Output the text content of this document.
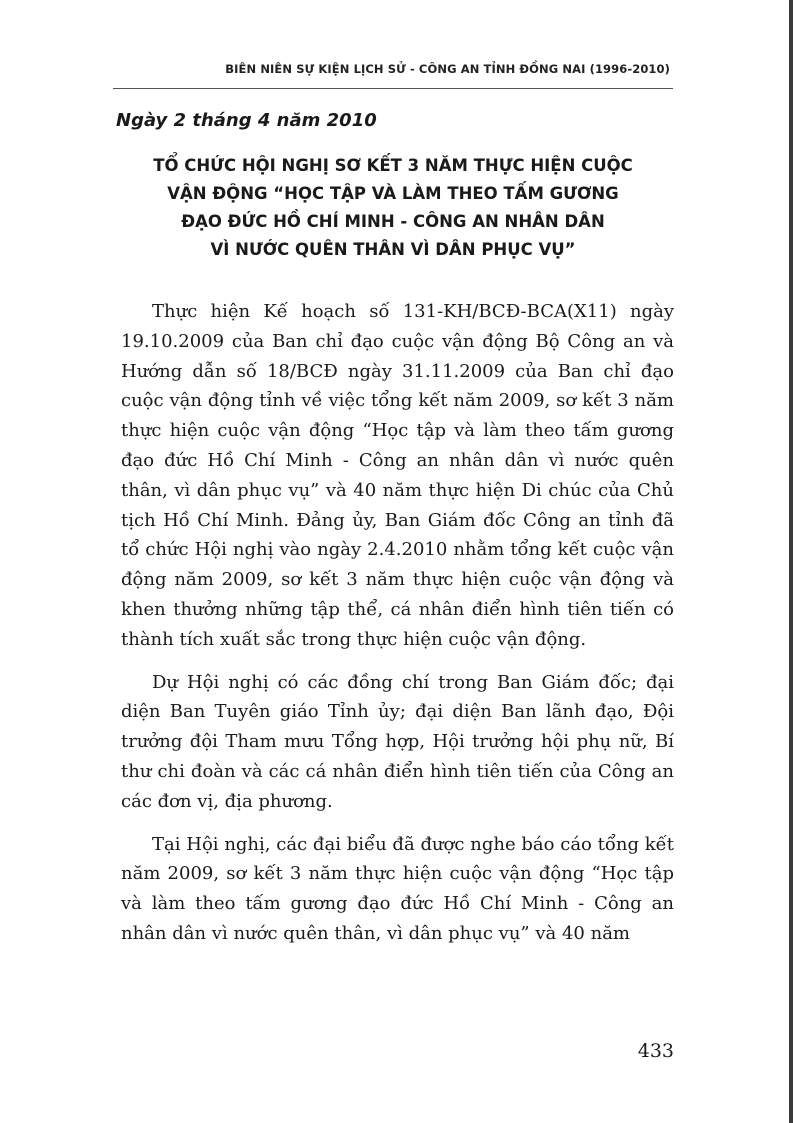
BIÊN NIÊN SỰ KIỆN LỊCH SỬ - CÔNG AN TỈNH ĐỒNG NAI (1996-2010)
Ngày 2 tháng 4 năm 2010
TỔ CHỨC HỘI NGHỊ SƠ KẾT 3 NĂM THỰC HIỆN CUỘC
VẬN ĐỘNG “HỌC TẬP VÀ LÀM THEO TẤM GƯƠNG
ĐẠO ĐỨC HỒ CHÍ MINH - CÔNG AN NHÂN DÂN
VÌ NƯỚC QUÊN THÂN VÌ DÂN PHỤC VỤ”

Thực hiện Kế hoạch số 131-KH/BCĐ-BCA(X11) ngày 19.10.2009 của Ban chỉ đạo cuộc vận động Bộ Công an và Hướng dẫn số 18/BCĐ ngày 31.11.2009 của Ban chỉ đạo cuộc vận động tỉnh về việc tổng kết năm 2009, sơ kết 3 năm thực hiện cuộc vận động “Học tập và làm theo tấm gương đạo đức Hồ Chí Minh - Công an nhân dân vì nước quên thân, vì dân phục vụ” và 40 năm thực hiện Di chúc của Chủ tịch Hồ Chí Minh. Đảng ủy, Ban Giám đốc Công an tỉnh đã tổ chức Hội nghị vào ngày 2.4.2010 nhằm tổng kết cuộc vận động năm 2009, sơ kết 3 năm thực hiện cuộc vận động và khen thưởng những tập thể, cá nhân điển hình tiên tiến có thành tích xuất sắc trong thực hiện cuộc vận động.

Dự Hội nghị có các đồng chí trong Ban Giám đốc; đại diện Ban Tuyên giáo Tỉnh ủy; đại diện Ban lãnh đạo, Đội trưởng đội Tham mưu Tổng hợp, Hội trưởng hội phụ nữ, Bí thư chi đoàn và các cá nhân điển hình tiên tiến của Công an các đơn vị, địa phương.

Tại Hội nghị, các đại biểu đã được nghe báo cáo tổng kết năm 2009, sơ kết 3 năm thực hiện cuộc vận động “Học tập và làm theo tấm gương đạo đức Hồ Chí Minh - Công an nhân dân vì nước quên thân, vì dân phục vụ” và 40 năm

433
